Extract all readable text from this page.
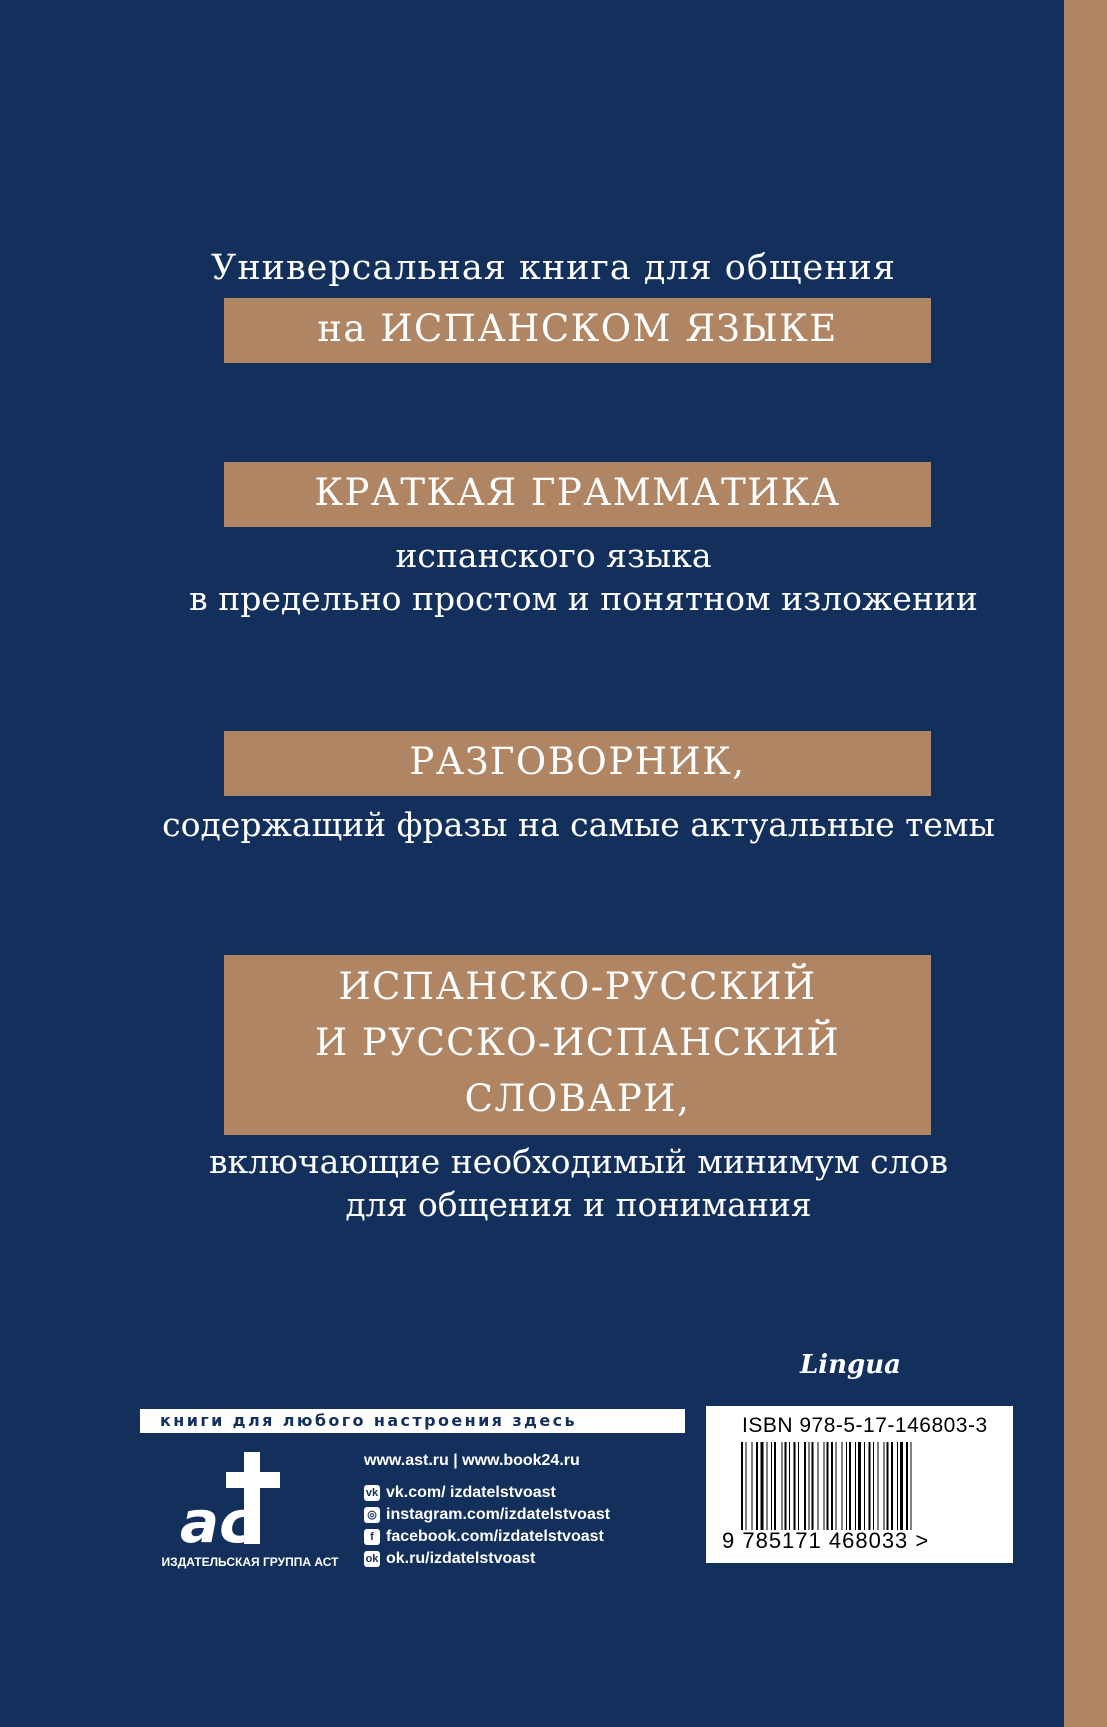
Универсальная книга для общения
на ИСПАНСКОМ ЯЗЫКЕ
КРАТКАЯ ГРАММАТИКА
испанского языка
в предельно простом и понятном изложении
РАЗГОВОРНИК,
содержащий фразы на самые актуальные темы
ИСПАНСКО-РУССКИЙ
И РУССКО-ИСПАНСКИЙ
СЛОВАРИ,
включающие необходимый минимум слов
для общения и понимания
Lingua
книги для любого настроения здесь
ас
ИЗДАТЕЛЬСКАЯ ГРУППА АСТ
www.ast.ru | www.book24.ru
vk vk.com/ izdatelstvoast
◎ instagram.com/izdatelstvoast
f facebook.com/izdatelstvoast
ok ok.ru/izdatelstvoast
ISBN 978-5-17-146803-3
9 785171 468033 >
